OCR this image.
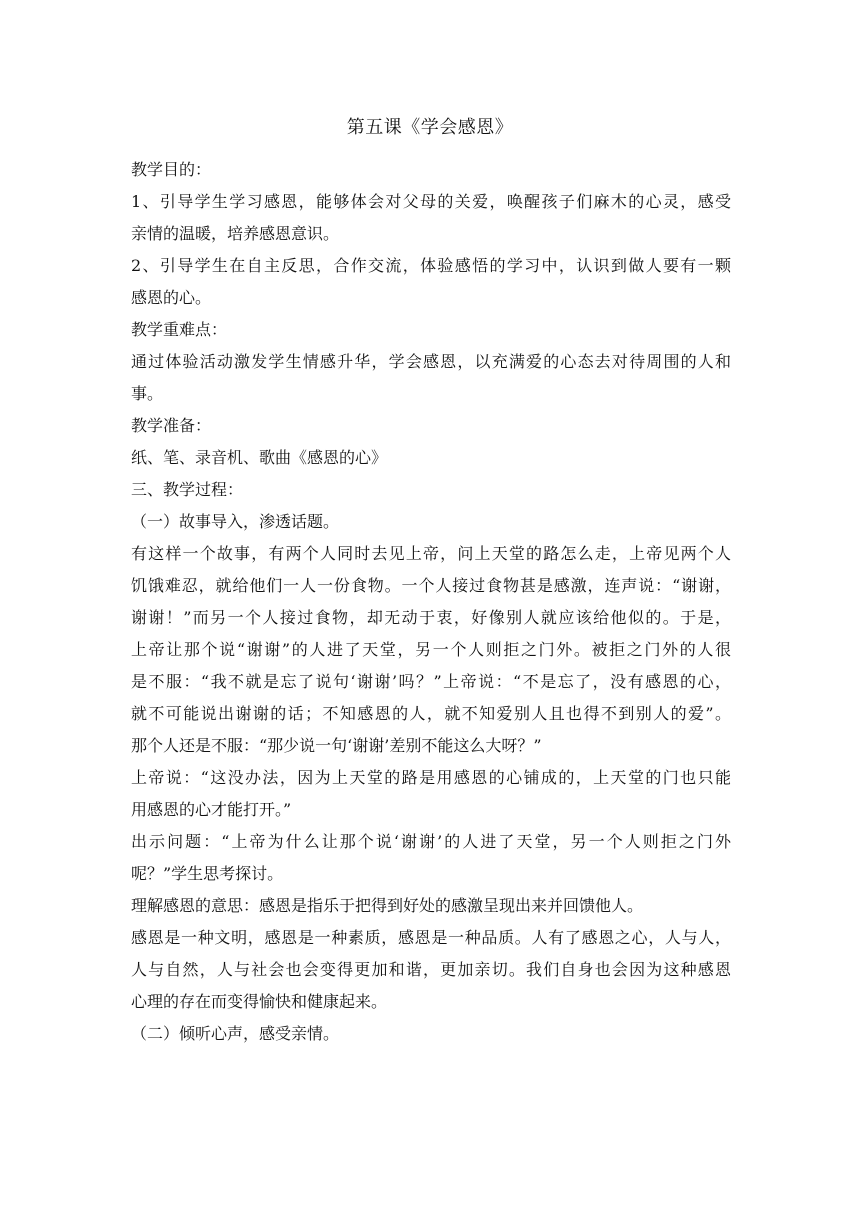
第五课《学会感恩》
教学目的：
1、引导学生学习感恩，能够体会对父母的关爱，唤醒孩子们麻木的心灵，感受
亲情的温暖，培养感恩意识。
2、引导学生在自主反思，合作交流，体验感悟的学习中，认识到做人要有一颗
感恩的心。
教学重难点：
通过体验活动激发学生情感升华，学会感恩，以充满爱的心态去对待周围的人和
事。
教学准备：
纸、笔、录音机、歌曲《感恩的心》
三、教学过程：
（一）故事导入，渗透话题。
有这样一个故事，有两个人同时去见上帝，问上天堂的路怎么走，上帝见两个人
饥饿难忍，就给他们一人一份食物。一个人接过食物甚是感激，连声说：“谢谢，
谢谢！”而另一个人接过食物，却无动于衷，好像别人就应该给他似的。于是，
上帝让那个说“谢谢”的人进了天堂，另一个人则拒之门外。被拒之门外的人很
是不服：“我不就是忘了说句‘谢谢’吗？”上帝说：“不是忘了，没有感恩的心，
就不可能说出谢谢的话；不知感恩的人，就不知爱别人且也得不到别人的爱”。
那个人还是不服：“那少说一句‘谢谢’差别不能这么大呀？”
上帝说：“这没办法，因为上天堂的路是用感恩的心铺成的，上天堂的门也只能
用感恩的心才能打开。”
出示问题：“上帝为什么让那个说‘谢谢’的人进了天堂，另一个人则拒之门外
呢？”学生思考探讨。
理解感恩的意思：感恩是指乐于把得到好处的感激呈现出来并回馈他人。
感恩是一种文明，感恩是一种素质，感恩是一种品质。人有了感恩之心，人与人，
人与自然，人与社会也会变得更加和谐，更加亲切。我们自身也会因为这种感恩
心理的存在而变得愉快和健康起来。
（二）倾听心声，感受亲情。
